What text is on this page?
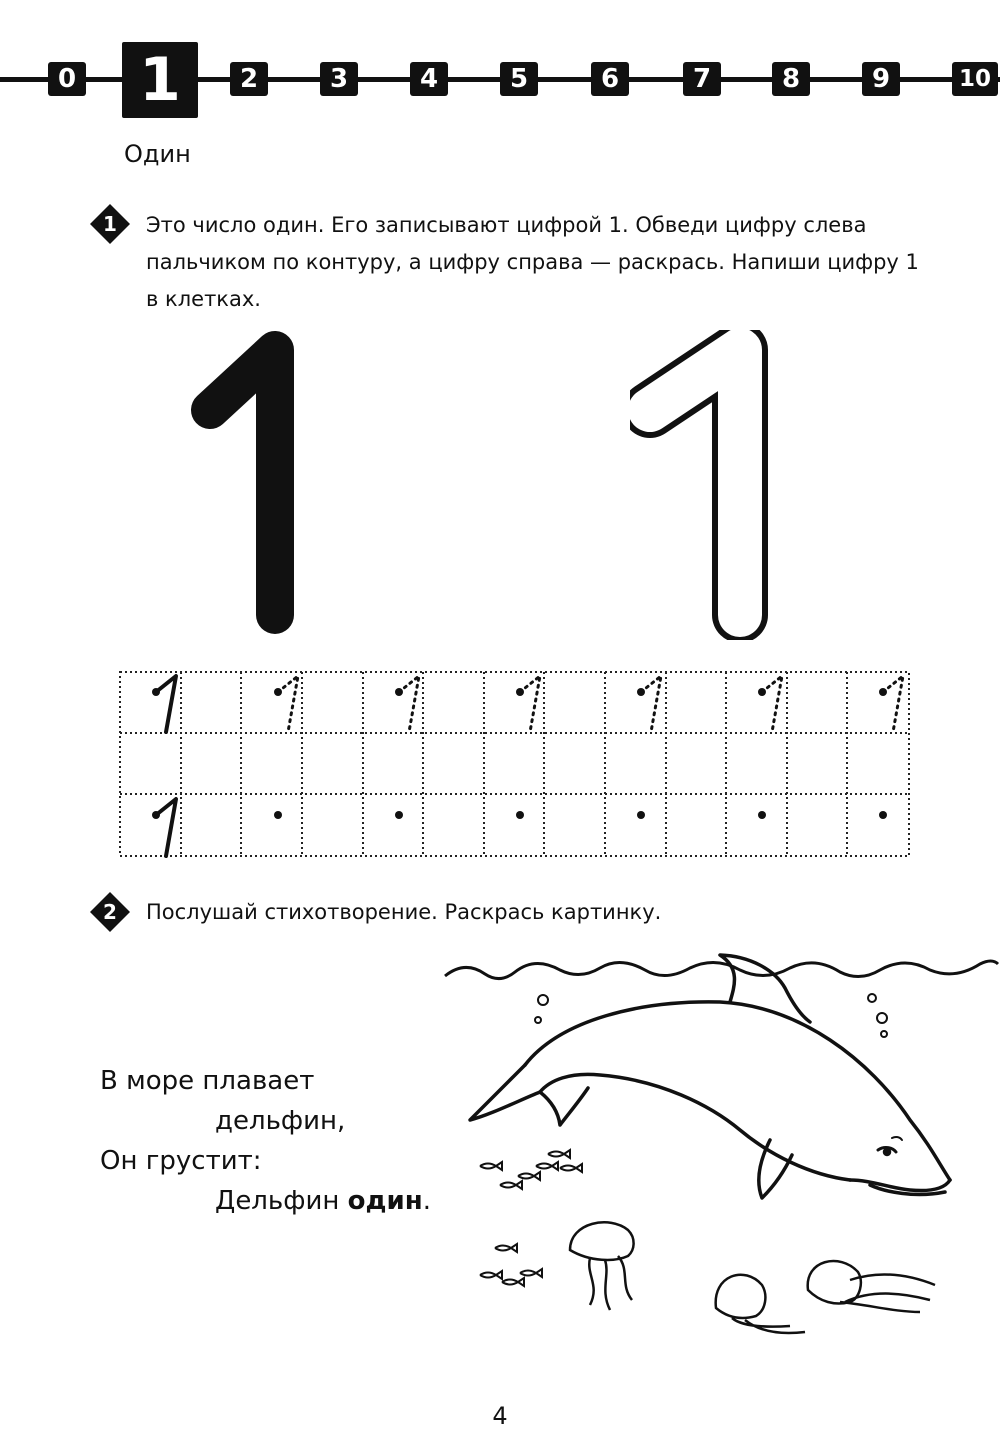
0 1	2	3	4	5	6	7	8	9	10
Один
1 Это число один. Его записывают цифрой 1. Обведи цифру слева
пальчиком по контуру, а цифру справа — раскрась. Напиши цифру 1
в клетках.
2 Послушай стихотворение. Раскрась картинку.
В море плавает
дельфин,
Он грустит:
Дельфин один.
4
